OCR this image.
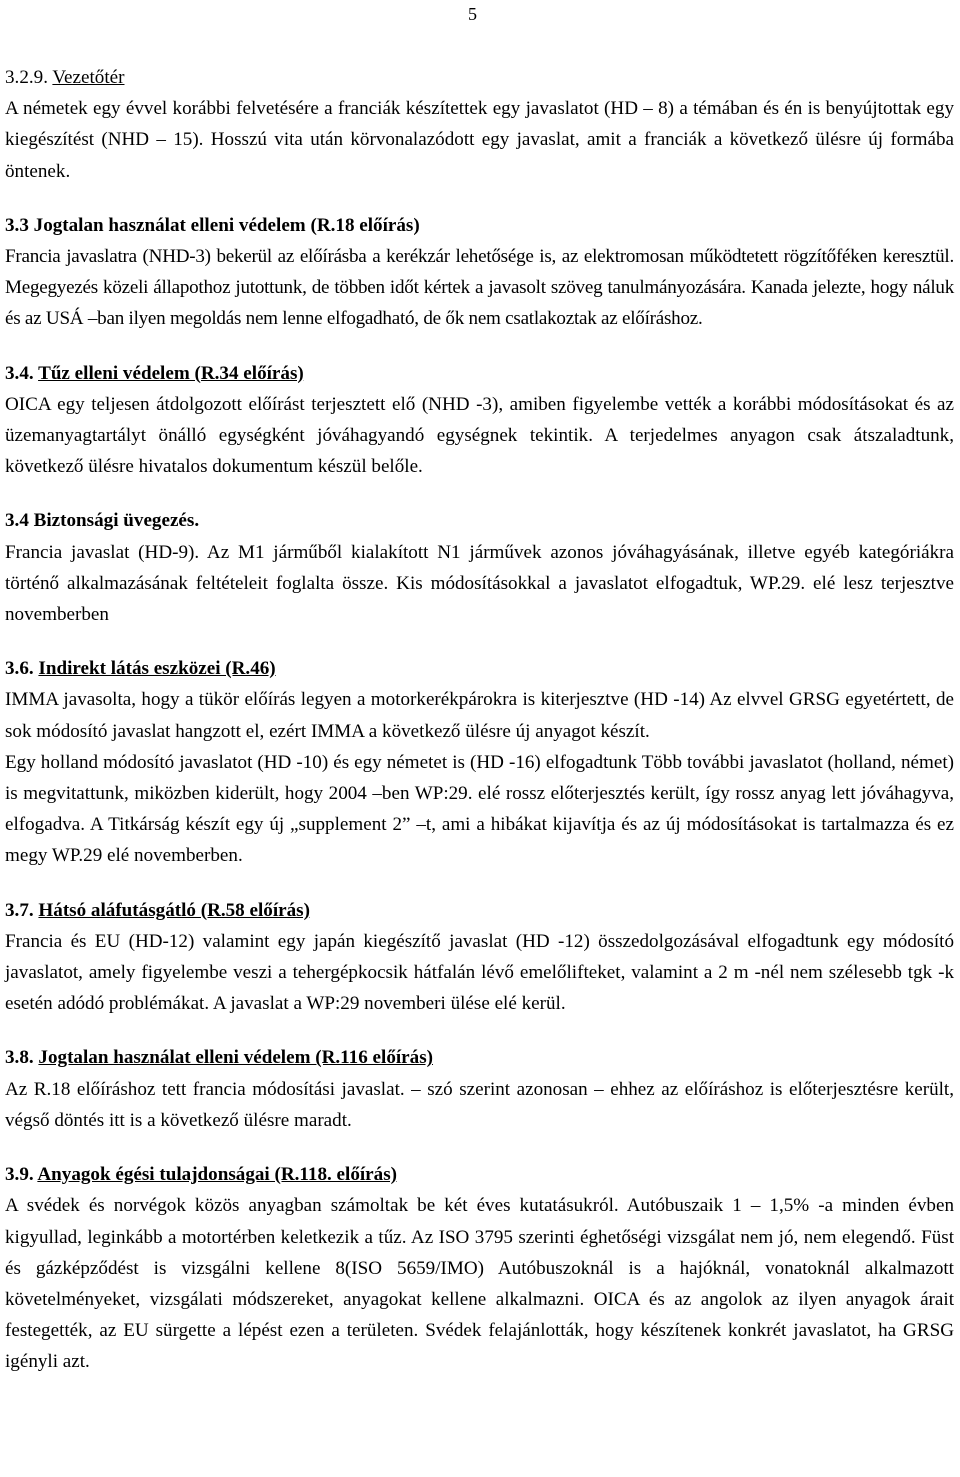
5
3.2.9. Vezetőtér

A németek egy évvel korábbi felvetésére a franciák készítettek egy javaslatot (HD – 8) a témában és én is benyújtottak egy kiegészítést (NHD – 15). Hosszú vita után körvonalazódott egy javaslat, amit a franciák a következő ülésre új formába öntenek.

3.3 Jogtalan használat elleni védelem (R.18 előírás)

Francia javaslatra (NHD-3) bekerül az előírásba a kerékzár lehetősége is, az elektromosan működtetett rögzítőféken keresztül. Megegyezés közeli állapothoz jutottunk, de többen időt kértek a javasolt szöveg tanulmányozására. Kanada jelezte, hogy náluk és az USÁ –ban ilyen megoldás nem lenne elfogadható, de ők nem csatlakoztak az előíráshoz.

3.4. Tűz elleni védelem (R.34 előírás)

OICA egy teljesen átdolgozott előírást terjesztett elő (NHD -3), amiben figyelembe vették a korábbi módosításokat és az üzemanyagtartályt önálló egységként jóváhagyandó egységnek tekintik. A terjedelmes anyagon csak átszaladtunk, következő ülésre hivatalos dokumentum készül belőle.

3.4 Biztonsági üvegezés.

Francia javaslat (HD-9). Az M1 járműből kialakított N1 járművek azonos jóváhagyásának, illetve egyéb kategóriákra történő alkalmazásának feltételeit foglalta össze. Kis módosításokkal a javaslatot elfogadtuk, WP.29. elé lesz terjesztve novemberben

3.6. Indirekt látás eszközei (R.46)

IMMA javasolta, hogy a tükör előírás legyen a motorkerékpárokra is kiterjesztve (HD -14) Az elvvel GRSG egyetértett, de sok módosító javaslat hangzott el, ezért IMMA a következő ülésre új anyagot készít.

Egy holland módosító javaslatot (HD -10) és egy németet is (HD -16) elfogadtunk Több további javaslatot (holland, német) is megvitattunk, miközben kiderült, hogy 2004 –ben WP:29. elé rossz előterjesztés került, így rossz anyag lett jóváhagyva, elfogadva. A Titkárság készít egy új „supplement 2” –t, ami a hibákat kijavítja és az új módosításokat is tartalmazza és ez megy WP.29 elé novemberben.

3.7. Hátsó aláfutásgátló (R.58 előírás)

Francia és EU (HD-12) valamint egy japán kiegészítő javaslat (HD -12) összedolgozásával elfogadtunk egy módosító javaslatot, amely figyelembe veszi a tehergépkocsik hátfalán lévő emelőlifteket, valamint a 2 m -nél nem szélesebb tgk -k esetén adódó problémákat. A javaslat a WP:29 novemberi ülése elé kerül.

3.8. Jogtalan használat elleni védelem (R.116 előírás)

Az R.18 előíráshoz tett francia módosítási javaslat. – szó szerint azonosan – ehhez az előíráshoz is előterjesztésre került, végső döntés itt is a következő ülésre maradt.

3.9. Anyagok égési tulajdonságai (R.118. előírás)

A svédek és norvégok közös anyagban számoltak be két éves kutatásukról. Autóbuszaik 1 – 1,5% -a minden évben kigyullad, leginkább a motortérben keletkezik a tűz. Az ISO 3795 szerinti éghetőségi vizsgálat nem jó, nem elegendő. Füst és gázképződést is vizsgálni kellene 8(ISO 5659/IMO) Autóbuszoknál is a hajóknál, vonatoknál alkalmazott követelményeket, vizsgálati módszereket, anyagokat kellene alkalmazni. OICA és az angolok az ilyen anyagok árait festegették, az EU sürgette a lépést ezen a területen. Svédek felajánlották, hogy készítenek konkrét javaslatot, ha GRSG igényli azt.
